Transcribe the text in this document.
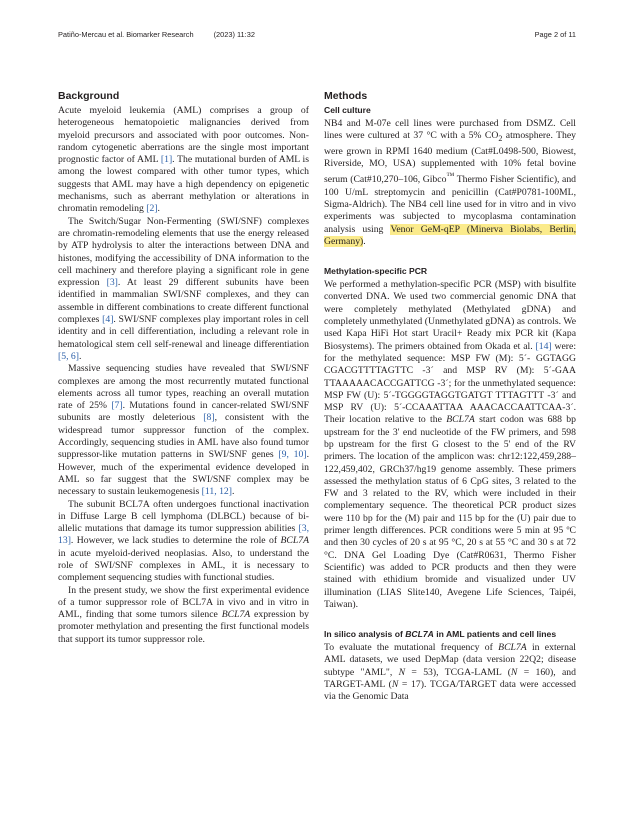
Patiño-Mercau et al. Biomarker Research	(2023) 11:32	Page 2 of 11
Background

Acute myeloid leukemia (AML) comprises a group of heterogeneous hematopoietic malignancies derived from myeloid precursors and associated with poor outcomes. Non-random cytogenetic aberrations are the single most important prognostic factor of AML [1]. The mutational burden of AML is among the lowest compared with other tumor types, which suggests that AML may have a high dependency on epigenetic mechanisms, such as aberrant methylation or alterations in chromatin remodeling [2].

The Switch/Sugar Non-Fermenting (SWI/SNF) complexes are chromatin-remodeling elements that use the energy released by ATP hydrolysis to alter the interactions between DNA and histones, modifying the accessibility of DNA information to the cell machinery and therefore playing a significant role in gene expression [3]. At least 29 different subunits have been identified in mammalian SWI/SNF complexes, and they can assemble in different combinations to create different functional complexes [4]. SWI/SNF complexes play important roles in cell identity and in cell differentiation, including a relevant role in hematological stem cell self-renewal and lineage differentiation [5, 6].

Massive sequencing studies have revealed that SWI/SNF complexes are among the most recurrently mutated functional elements across all tumor types, reaching an overall mutation rate of 25% [7]. Mutations found in cancer-related SWI/SNF subunits are mostly deleterious [8], consistent with the widespread tumor suppressor function of the complex. Accordingly, sequencing studies in AML have also found tumor suppressor-like mutation patterns in SWI/SNF genes [9, 10]. However, much of the experimental evidence developed in AML so far suggest that the SWI/SNF complex may be necessary to sustain leukemogenesis [11, 12].

The subunit BCL7A often undergoes functional inactivation in Diffuse Large B cell lymphoma (DLBCL) because of bi-allelic mutations that damage its tumor suppression abilities [3, 13]. However, we lack studies to determine the role of BCL7A in acute myeloid-derived neoplasias. Also, to understand the role of SWI/SNF complexes in AML, it is necessary to complement sequencing studies with functional studies.

In the present study, we show the first experimental evidence of a tumor suppressor role of BCL7A in vivo and in vitro in AML, finding that some tumors silence BCL7A expression by promoter methylation and presenting the first functional models that support its tumor suppressor role.

Methods
Cell culture

NB4 and M-07e cell lines were purchased from DSMZ. Cell lines were cultured at 37 °C with a 5% $CO_2$ atmosphere. They were grown in RPMI 1640 medium (Cat#L0498-500, Biowest, Riverside, MO, USA) supplemented with 10% fetal bovine serum (Cat#10,270–106, Gibco™ Thermo Fisher Scientific), and 100 U/mL streptomycin and penicillin (Cat#P0781-100ML, Sigma-Aldrich). The NB4 cell line used for in vitro and in vivo experiments was subjected to mycoplasma contamination analysis using Venor GeM-qEP (Minerva Biolabs, Berlin, Germany).

Methylation-specific PCR

We performed a methylation-specific PCR (MSP) with bisulfite converted DNA. We used two commercial genomic DNA that were completely methylated (Methylated gDNA) and completely unmethylated (Unmethylated gDNA) as controls. We used Kapa HiFi Hot start Uracil+ Ready mix PCR kit (Kapa Biosystems). The primers obtained from Okada et al. [14] were: for the methylated sequence: MSP FW (M): 5´- GGTAGG CGACGTTTTAGTTC -3´ and MSP RV (M): 5´-GAA TTAAAAACACCGATTCG -3´; for the unmethylated sequence: MSP FW (U): 5´-TGGGGTAGGTGATGT TTTAGTTT -3´ and MSP RV (U): 5´-CCAAATTAA AAACACCAATTCAA-3´. Their location relative to the BCL7A start codon was 688 bp upstream for the 3' end nucleotide of the FW primers, and 598 bp upstream for the first G closest to the 5' end of the RV primers. The location of the amplicon was: chr12:122,459,288–122,459,402, GRCh37/hg19 genome assembly. These primers assessed the methylation status of 6 CpG sites, 3 related to the FW and 3 related to the RV, which were included in their complementary sequence. The theoretical PCR product sizes were 110 bp for the (M) pair and 115 bp for the (U) pair due to primer length differences. PCR conditions were 5 min at 95 ºC and then 30 cycles of 20 s at 95 °C, 20 s at 55 °C and 30 s at 72 °C. DNA Gel Loading Dye (Cat#R0631, Thermo Fisher Scientific) was added to PCR products and then they were stained with ethidium bromide and visualized under UV illumination (LIAS Slite140, Avegene Life Sciences, Taipéi, Taiwan).

In silico analysis of BCL7A in AML patients and cell lines

To evaluate the mutational frequency of BCL7A in external AML datasets, we used DepMap (data version 22Q2; disease subtype "AML", N = 53), TCGA-LAML (N = 160), and TARGET-AML (N = 17). TCGA/TARGET data were accessed via the Genomic Data
